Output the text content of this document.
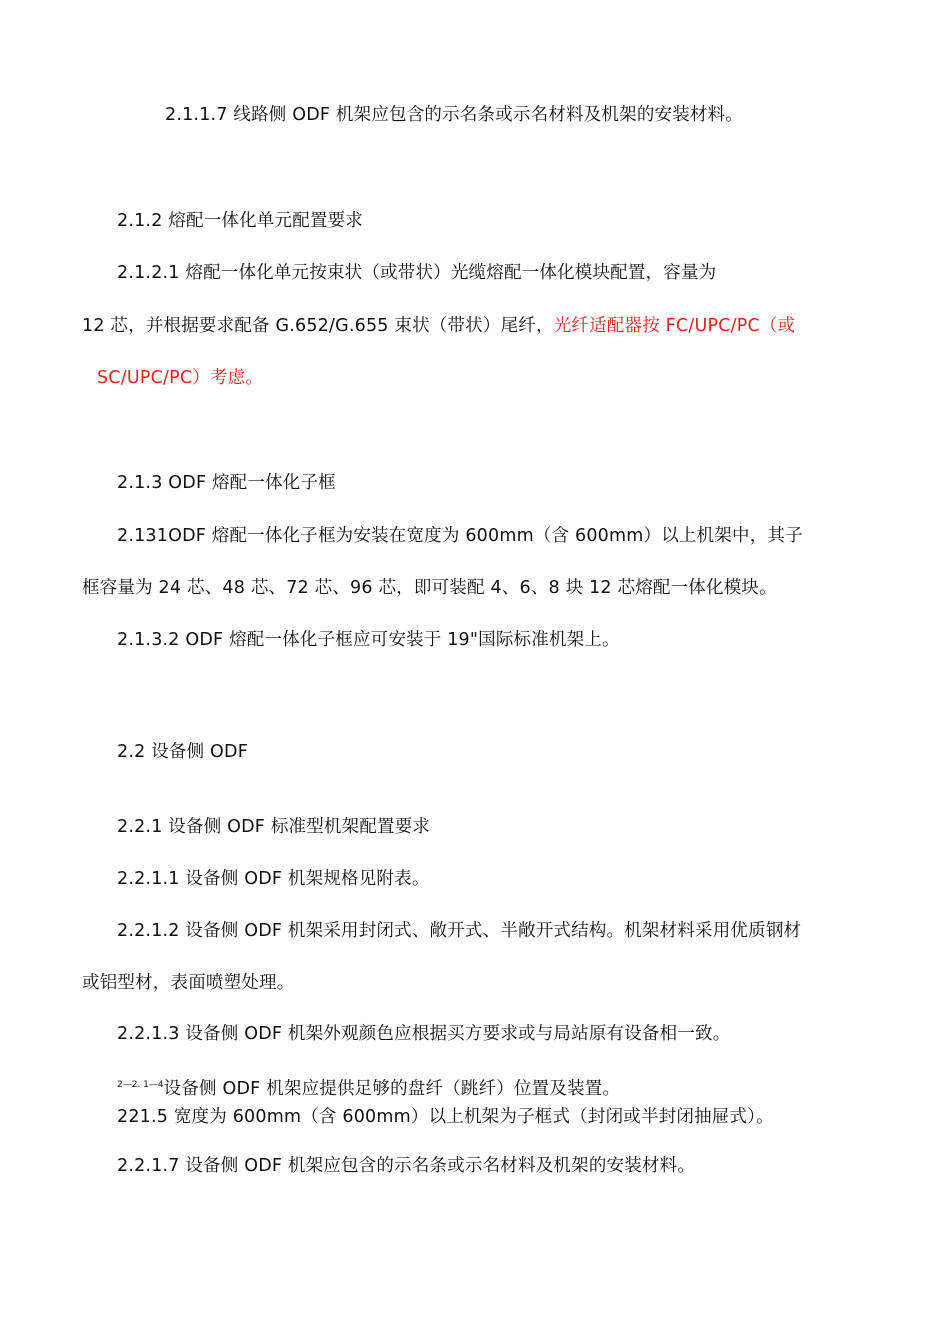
2.1.1.7 线路侧 ODF 机架应包含的示名条或示名材料及机架的安装材料。
2.1.2 熔配一体化单元配置要求
2.1.2.1 熔配一体化单元按束状（或带状）光缆熔配一体化模块配置，容量为
12 芯，并根据要求配备 G.652/G.655 束状（带状）尾纤，光纤适配器按 FC/UPC/PC（或
SC/UPC/PC）考虑。
2.1.3 ODF 熔配一体化子框
2.131ODF 熔配一体化子框为安装在宽度为 600mm（含 600mm）以上机架中，其子
框容量为 24 芯、48 芯、72 芯、96 芯，即可装配 4、6、8 块 12 芯熔配一体化模块。
2.1.3.2 ODF 熔配一体化子框应可安装于 19"国际标准机架上。
2.2 设备侧 ODF
2.2.1 设备侧 ODF 标准型机架配置要求
2.2.1.1 设备侧 ODF 机架规格见附表。
2.2.1.2 设备侧 ODF 机架采用封闭式、敞开式、半敞开式结构。机架材料采用优质钢材
或铝型材，表面喷塑处理。
2.2.1.3 设备侧 ODF 机架外观颜色应根据买方要求或与局站原有设备相一致。
$^{2—2. 1—4}$设备侧 ODF 机架应提供足够的盘纤（跳纤）位置及装置。
221.5 宽度为 600mm（含 600mm）以上机架为子框式（封闭或半封闭抽屉式）。
2.2.1.7 设备侧 ODF 机架应包含的示名条或示名材料及机架的安装材料。
